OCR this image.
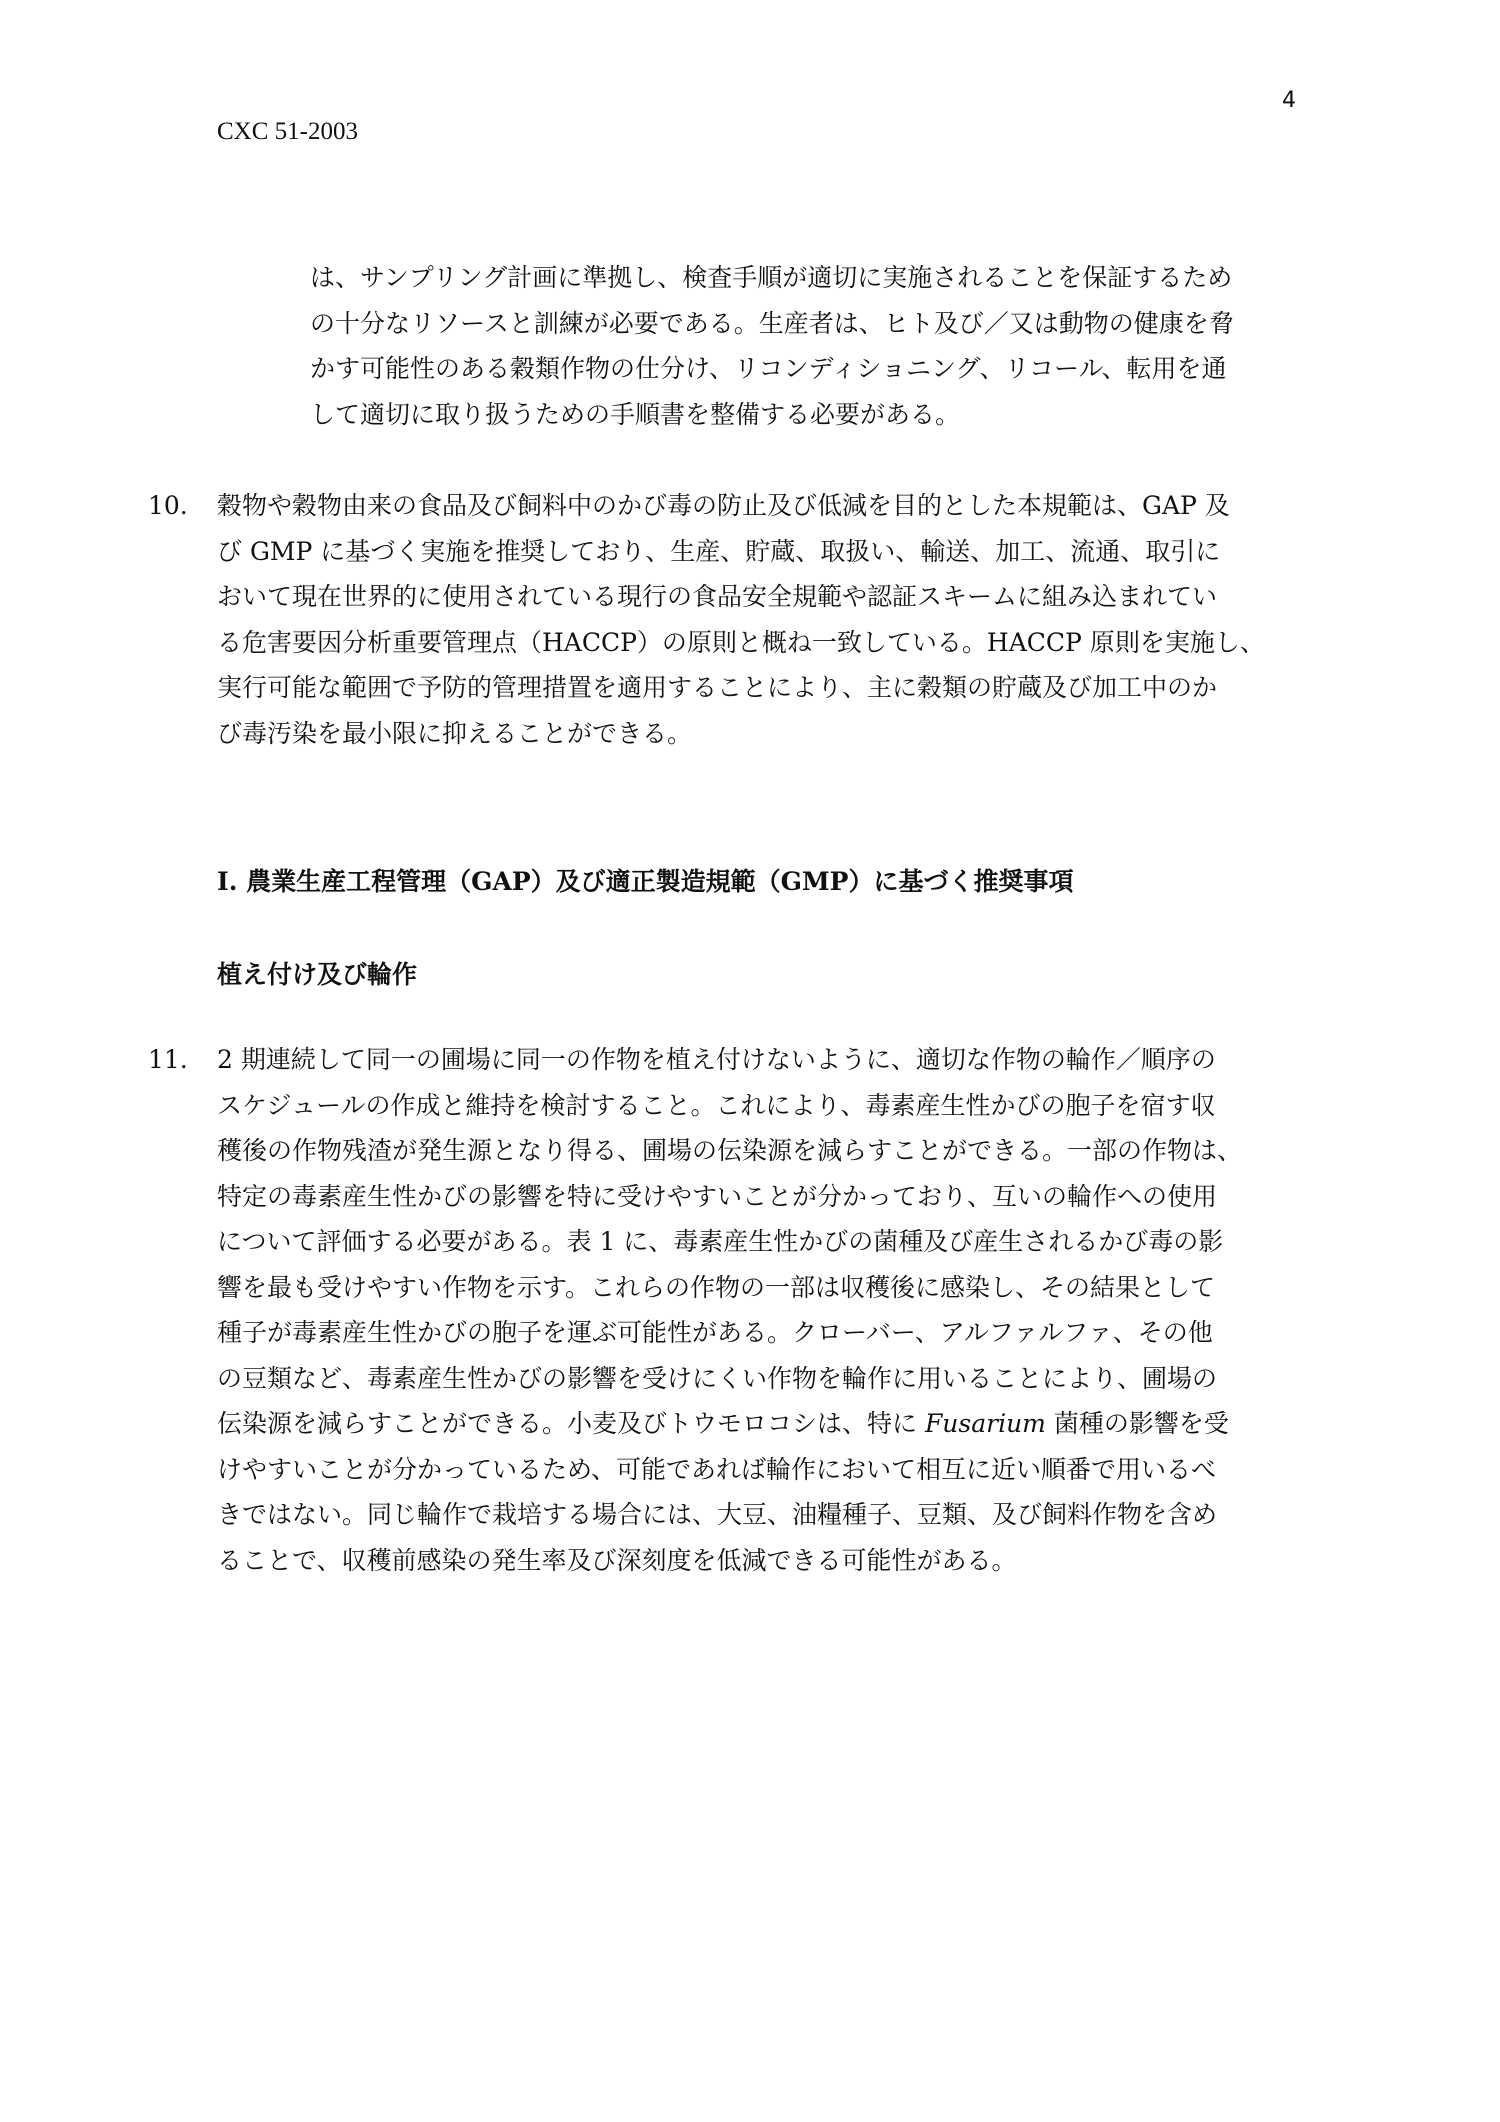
4
CXC 51-2003

は、サンプリング計画に準拠し、検査手順が適切に実施されることを保証するため

の十分なリソースと訓練が必要である。生産者は、ヒト及び／又は動物の健康を脅

かす可能性のある穀類作物の仕分け、リコンディショニング、リコール、転用を通

して適切に取り扱うための手順書を整備する必要がある。

10. 穀物や穀物由来の食品及び飼料中のかび毒の防止及び低減を目的とした本規範は、GAP 及

び GMP に基づく実施を推奨しており、生産、貯蔵、取扱い、輸送、加工、流通、取引に

おいて現在世界的に使用されている現行の食品安全規範や認証スキームに組み込まれてい

る危害要因分析重要管理点（HACCP）の原則と概ね一致している。HACCP 原則を実施し、

実行可能な範囲で予防的管理措置を適用することにより、主に穀類の貯蔵及び加工中のか

び毒汚染を最小限に抑えることができる。

I. 農業生産工程管理（GAP）及び適正製造規範（GMP）に基づく推奨事項
植え付け及び輪作
11. 2 期連続して同一の圃場に同一の作物を植え付けないように、適切な作物の輪作／順序の

スケジュールの作成と維持を検討すること。これにより、毒素産生性かびの胞子を宿す収

穫後の作物残渣が発生源となり得る、圃場の伝染源を減らすことができる。一部の作物は、

特定の毒素産生性かびの影響を特に受けやすいことが分かっており、互いの輪作への使用

について評価する必要がある。表 1 に、毒素産生性かびの菌種及び産生されるかび毒の影

響を最も受けやすい作物を示す。これらの作物の一部は収穫後に感染し、その結果として

種子が毒素産生性かびの胞子を運ぶ可能性がある。クローバー、アルファルファ、その他

の豆類など、毒素産生性かびの影響を受けにくい作物を輪作に用いることにより、圃場の

伝染源を減らすことができる。小麦及びトウモロコシは、特に Fusarium 菌種の影響を受

けやすいことが分かっているため、可能であれば輪作において相互に近い順番で用いるべ

きではない。同じ輪作で栽培する場合には、大豆、油糧種子、豆類、及び飼料作物を含め

ることで、収穫前感染の発生率及び深刻度を低減できる可能性がある。
